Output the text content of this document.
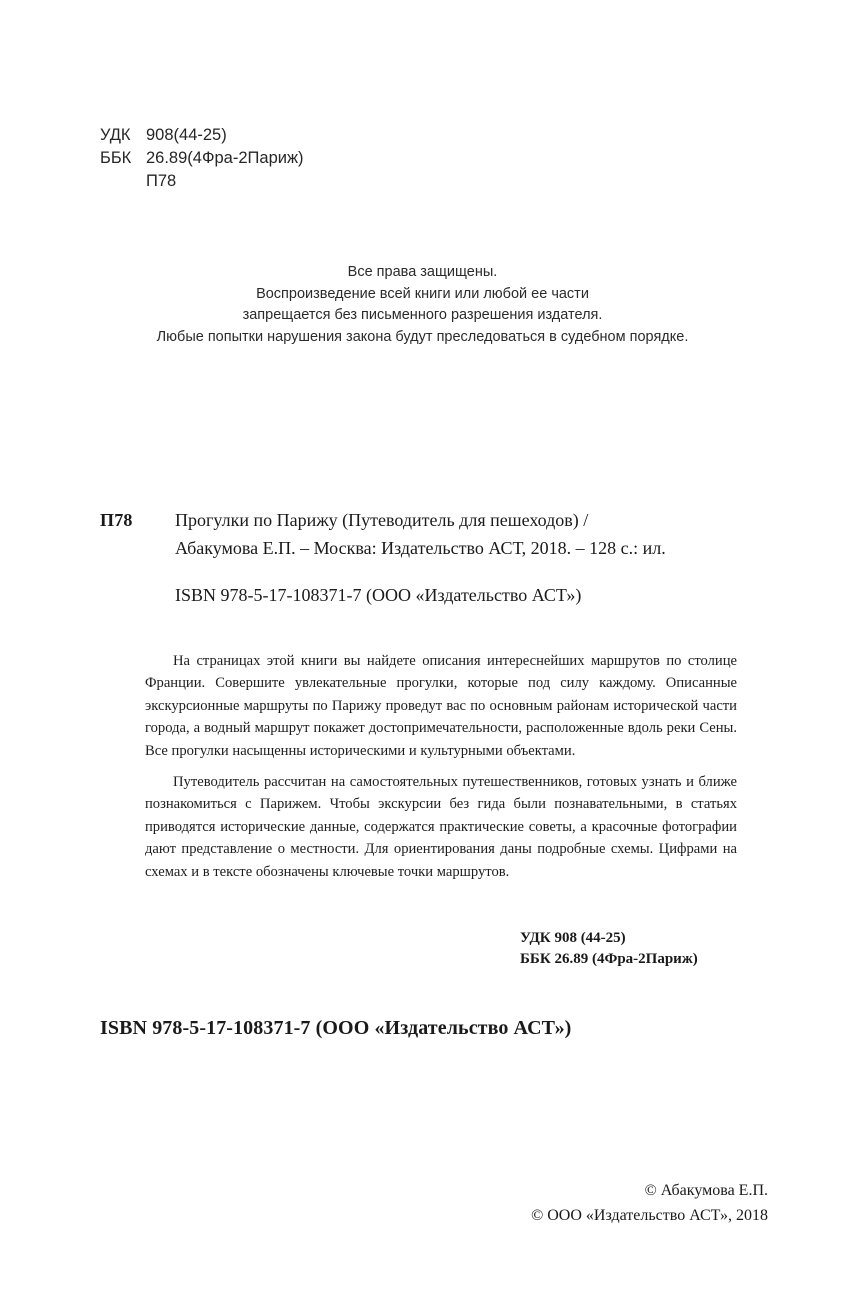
УДК 908(44-25)
ББК 26.89(4Фра-2Париж)
П78
Все права защищены.
Воспроизведение всей книги или любой ее части
запрещается без письменного разрешения издателя.
Любые попытки нарушения закона будут преследоваться в судебном порядке.
П78 Прогулки по Парижу (Путеводитель для пешеходов) /
Абакумова Е.П. – Москва: Издательство АСТ, 2018. – 128 с.: ил.
ISBN 978-5-17-108371-7 (ООО «Издательство АСТ»)

На страницах этой книги вы найдете описания интереснейших маршрутов по столице Франции. Совершите увлекательные прогулки, которые под силу каждому. Описанные экскурсионные маршруты по Парижу проведут вас по основным районам исторической части города, а водный маршрут покажет достопримечательности, расположенные вдоль реки Сены. Все прогулки насыщенны историческими и культурными объектами.

Путеводитель рассчитан на самостоятельных путешественников, готовых узнать и ближе познакомиться с Парижем. Чтобы экскурсии без гида были познавательными, в статьях приводятся исторические данные, содержатся практические советы, а красочные фотографии дают представление о местности. Для ориентирования даны подробные схемы. Цифрами на схемах и в тексте обозначены ключевые точки маршрутов.

УДК 908 (44-25)
ББК 26.89 (4Фра-2Париж)
ISBN 978-5-17-108371-7 (ООО «Издательство АСТ»)
© Абакумова Е.П.
© ООО «Издательство АСТ», 2018
